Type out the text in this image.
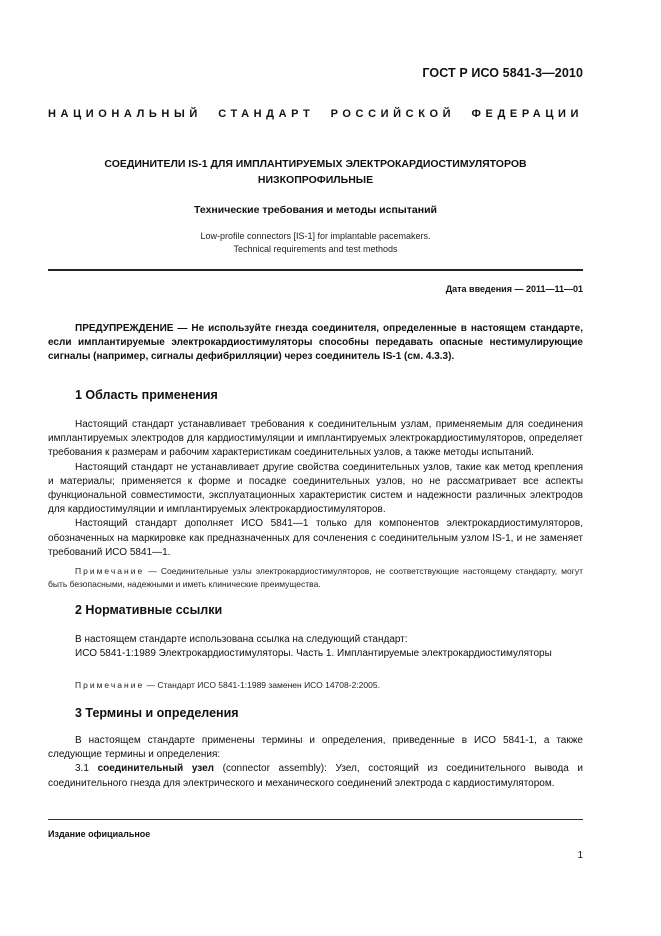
ГОСТ Р ИСО 5841-3—2010
НАЦИОНАЛЬНЫЙ СТАНДАРТ РОССИЙСКОЙ ФЕДЕРАЦИИ
СОЕДИНИТЕЛИ IS-1 ДЛЯ ИМПЛАНТИРУЕМЫХ ЭЛЕКТРОКАРДИОСТИМУЛЯТОРОВ
НИЗКОПРОФИЛЬНЫЕ
Технические требования и методы испытаний
Low-profile connectors [IS-1] for implantable pacemakers.
Technical requirements and test methods
Дата введения — 2011—11—01

ПРЕДУПРЕЖДЕНИЕ — Не используйте гнезда соединителя, определенные в настоящем стандарте, если имплантируемые электрокардиостимуляторы способны передавать опасные нестимулирующие сигналы (например, сигналы дефибрилляции) через соединитель IS-1 (см. 4.3.3).

1 Область применения

Настоящий стандарт устанавливает требования к соединительным узлам, применяемым для соединения имплантируемых электродов для кардиостимуляции и имплантируемых электрокардиостимуляторов, определяет требования к размерам и рабочим характеристикам соединительных узлов, а также методы испытаний.

Настоящий стандарт не устанавливает другие свойства соединительных узлов, такие как метод крепления и материалы; применяется к форме и посадке соединительных узлов, но не рассматривает все аспекты функциональной совместимости, эксплуатационных характеристик систем и надежности различных электродов для кардиостимуляции и имплантируемых электрокардиостимуляторов.

Настоящий стандарт дополняет ИСО 5841—1 только для компонентов электрокардиостимуляторов, обозначенных на маркировке как предназначенных для сочленения с соединительным узлом IS-1, и не заменяет требований ИСО 5841—1.

Примечание — Соединительные узлы электрокардиостимуляторов, не соответствующие настоящему стандарту, могут быть безопасными, надежными и иметь клинические преимущества.

2 Нормативные ссылки

В настоящем стандарте использована ссылка на следующий стандарт:

ИСО 5841-1:1989 Электрокардиостимуляторы. Часть 1. Имплантируемые электрокардиостимуляторы

Примечание — Стандарт ИСО 5841-1:1989 заменен ИСО 14708-2:2005.

3 Термины и определения

В настоящем стандарте применены термины и определения, приведенные в ИСО 5841-1, а также следующие термины и определения:

3.1 соединительный узел (connector assembly): Узел, состоящий из соединительного вывода и соединительного гнезда для электрического и механического соединений электрода с кардиостимулятором.

Издание официальное
1
